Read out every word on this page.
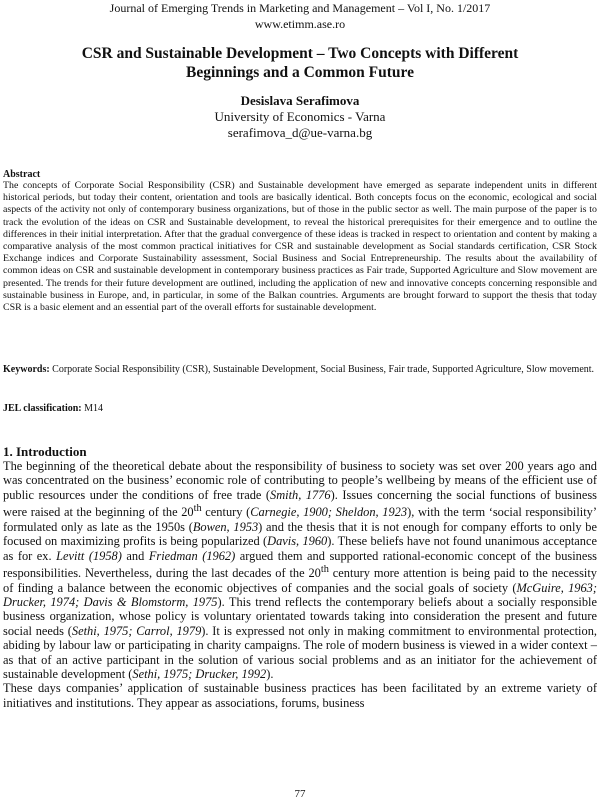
Journal of Emerging Trends in Marketing and Management – Vol I, No. 1/2017
www.etimm.ase.ro
CSR and Sustainable Development – Two Concepts with Different
Beginnings and a Common Future
Desislava Serafimova
University of Economics - Varna
serafimova_d@ue-varna.bg
Abstract
The concepts of Corporate Social Responsibility (CSR) and Sustainable development have emerged as separate independent units in different historical periods, but today their content, orientation and tools are basically identical. Both concepts focus on the economic, ecological and social aspects of the activity not only of contemporary business organizations, but of those in the public sector as well. The main purpose of the paper is to track the evolution of the ideas on CSR and Sustainable development, to reveal the historical prerequisites for their emergence and to outline the differences in their initial interpretation. After that the gradual convergence of these ideas is tracked in respect to orientation and content by making a comparative analysis of the most common practical initiatives for CSR and sustainable development as Social standards certification, CSR Stock Exchange indices and Corporate Sustainability assessment, Social Business and Social Entrepreneurship. The results about the availability of common ideas on CSR and sustainable development in contemporary business practices as Fair trade, Supported Agriculture and Slow movement are presented. The trends for their future development are outlined, including the application of new and innovative concepts concerning responsible and sustainable business in Europe, and, in particular, in some of the Balkan countries. Arguments are brought forward to support the thesis that today CSR is a basic element and an essential part of the overall efforts for sustainable development.
Keywords: Corporate Social Responsibility (CSR), Sustainable Development, Social Business, Fair trade, Supported Agriculture, Slow movement.
JEL classification: M14
1. Introduction

The beginning of the theoretical debate about the responsibility of business to society was set over 200 years ago and was concentrated on the business’ economic role of contributing to people’s wellbeing by means of the efficient use of public resources under the conditions of free trade (Smith, 1776). Issues concerning the social functions of business were raised at the beginning of the 20th century (Carnegie, 1900; Sheldon, 1923), with the term ‘social responsibility’ formulated only as late as the 1950s (Bowen, 1953) and the thesis that it is not enough for company efforts to only be focused on maximizing profits is being popularized (Davis, 1960). These beliefs have not found unanimous acceptance as for ex. Levitt (1958) and Friedman (1962) argued them and supported rational-economic concept of the business responsibilities. Nevertheless, during the last decades of the 20th century more attention is being paid to the necessity of finding a balance between the economic objectives of companies and the social goals of society (McGuire, 1963; Drucker, 1974; Davis & Blomstorm, 1975). This trend reflects the contemporary beliefs about a socially responsible business organization, whose policy is voluntary orientated towards taking into consideration the present and future social needs (Sethi, 1975; Carrol, 1979). It is expressed not only in making commitment to environmental protection, abiding by labour law or participating in charity campaigns. The role of modern business is viewed in a wider context – as that of an active participant in the solution of various social problems and as an initiator for the achievement of sustainable development (Sethi, 1975; Drucker, 1992).

These days companies’ application of sustainable business practices has been facilitated by an extreme variety of initiatives and institutions. They appear as associations, forums, business

77
